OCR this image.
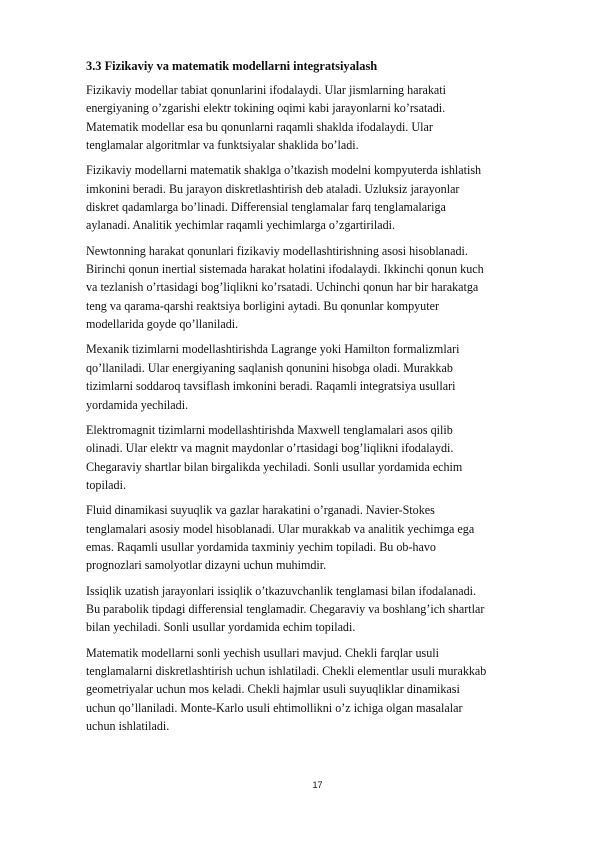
3.3 Fizikaviy va matematik modellarni integratsiyalash
Fizikaviy modellar tabiat qonunlarini ifodalaydi. Ular jismlarning harakati
energiyaning o’zgarishi elektr tokining oqimi kabi jarayonlarni ko’rsatadi.
Matematik modellar esa bu qonunlarni raqamli shaklda ifodalaydi. Ular
tenglamalar algoritmlar va funktsiyalar shaklida bo’ladi.
Fizikaviy modellarni matematik shaklga o’tkazish modelni kompyuterda ishlatish
imkonini beradi. Bu jarayon diskretlashtirish deb ataladi. Uzluksiz jarayonlar
diskret qadamlarga bo’linadi. Differensial tenglamalar farq tenglamalariga
aylanadi. Analitik yechimlar raqamli yechimlarga o’zgartiriladi.
Newtonning harakat qonunlari fizikaviy modellashtirishning asosi hisoblanadi.
Birinchi qonun inertial sistemada harakat holatini ifodalaydi. Ikkinchi qonun kuch
va tezlanish o’rtasidagi bog’liqlikni ko’rsatadi. Uchinchi qonun har bir harakatga
teng va qarama-qarshi reaktsiya borligini aytadi. Bu qonunlar kompyuter
modellarida goyde qo’llaniladi.
Mexanik tizimlarni modellashtirishda Lagrange yoki Hamilton formalizmlari
qo’llaniladi. Ular energiyaning saqlanish qonunini hisobga oladi. Murakkab
tizimlarni soddaroq tavsiflash imkonini beradi. Raqamli integratsiya usullari
yordamida yechiladi.
Elektromagnit tizimlarni modellashtirishda Maxwell tenglamalari asos qilib
olinadi. Ular elektr va magnit maydonlar o’rtasidagi bog’liqlikni ifodalaydi.
Chegaraviy shartlar bilan birgalikda yechiladi. Sonli usullar yordamida echim
topiladi.
Fluid dinamikasi suyuqlik va gazlar harakatini o’rganadi. Navier-Stokes
tenglamalari asosiy model hisoblanadi. Ular murakkab va analitik yechimga ega
emas. Raqamli usullar yordamida taxminiy yechim topiladi. Bu ob-havo
prognozlari samolyotlar dizayni uchun muhimdir.
Issiqlik uzatish jarayonlari issiqlik o’tkazuvchanlik tenglamasi bilan ifodalanadi.
Bu parabolik tipdagi differensial tenglamadir. Chegaraviy va boshlang’ich shartlar
bilan yechiladi. Sonli usullar yordamida echim topiladi.
Matematik modellarni sonli yechish usullari mavjud. Chekli farqlar usuli
tenglamalarni diskretlashtirish uchun ishlatiladi. Chekli elementlar usuli murakkab
geometriyalar uchun mos keladi. Chekli hajmlar usuli suyuqliklar dinamikasi
uchun qo’llaniladi. Monte-Karlo usuli ehtimollikni o’z ichiga olgan masalalar
uchun ishlatiladi.
17
